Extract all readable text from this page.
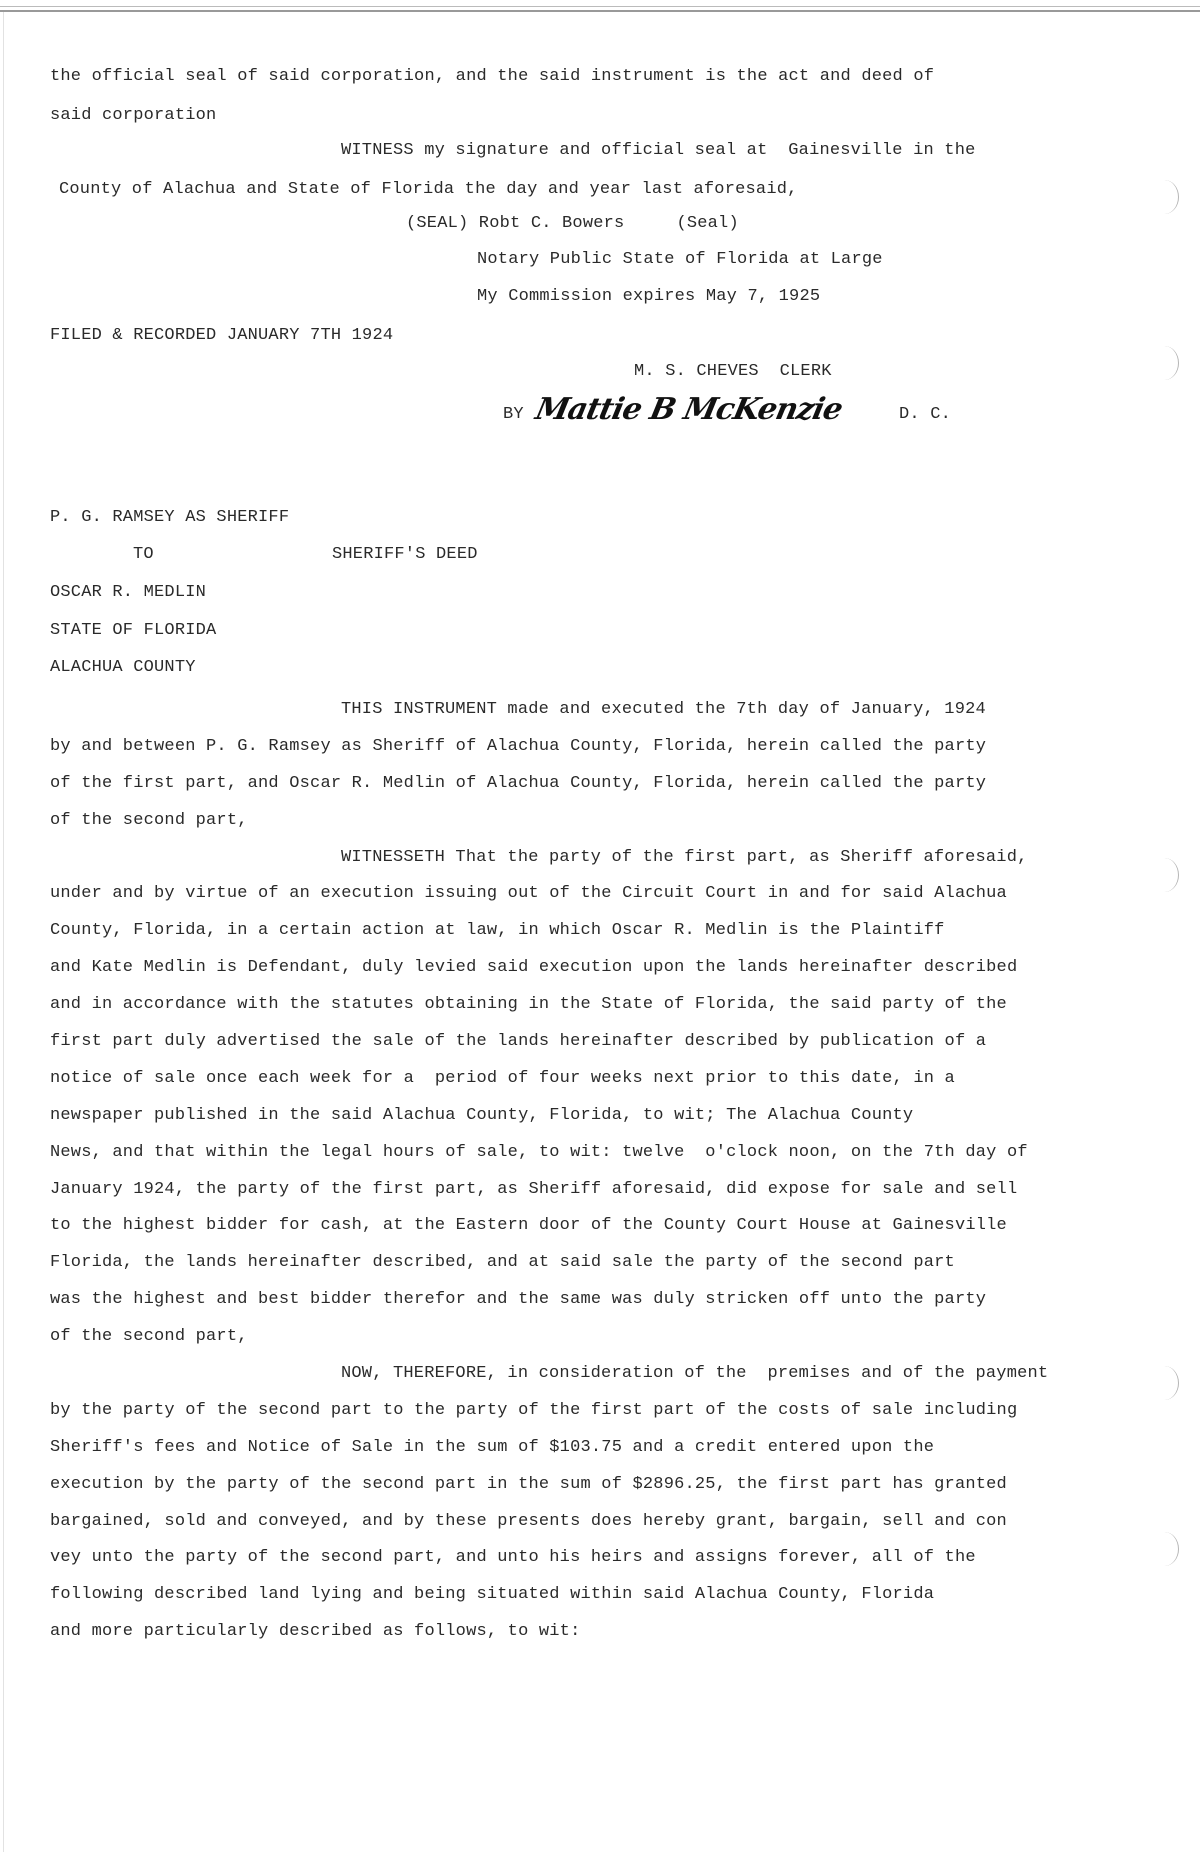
the official seal of said corporation, and the said instrument is the act and deed of
said corporation
WITNESS my signature and official seal at  Gainesville in the
County of Alachua and State of Florida the day and year last aforesaid,
(SEAL) Robt C. Bowers     (Seal)
Notary Public State of Florida at Large
My Commission expires May 7, 1925
FILED & RECORDED JANUARY 7TH 1924
M. S. CHEVES  CLERK
BY Mattie B McKenzie	D. C.
P. G. RAMSEY AS SHERIFF
TO	SHERIFF'S DEED
OSCAR R. MEDLIN
STATE OF FLORIDA
ALACHUA COUNTY
THIS INSTRUMENT made and executed the 7th day of January, 1924
by and between P. G. Ramsey as Sheriff of Alachua County, Florida, herein called the party
of the first part, and Oscar R. Medlin of Alachua County, Florida, herein called the party
of the second part,
WITNESSETH That the party of the first part, as Sheriff aforesaid,
under and by virtue of an execution issuing out of the Circuit Court in and for said Alachua
County, Florida, in a certain action at law, in which Oscar R. Medlin is the Plaintiff
and Kate Medlin is Defendant, duly levied said execution upon the lands hereinafter described
and in accordance with the statutes obtaining in the State of Florida, the said party of the
first part duly advertised the sale of the lands hereinafter described by publication of a
notice of sale once each week for a  period of four weeks next prior to this date, in a
newspaper published in the said Alachua County, Florida, to wit; The Alachua County
News, and that within the legal hours of sale, to wit: twelve  o'clock noon, on the 7th day of
January 1924, the party of the first part, as Sheriff aforesaid, did expose for sale and sell
to the highest bidder for cash, at the Eastern door of the County Court House at Gainesville
Florida, the lands hereinafter described, and at said sale the party of the second part
was the highest and best bidder therefor and the same was duly stricken off unto the party
of the second part,
NOW, THEREFORE, in consideration of the  premises and of the payment
by the party of the second part to the party of the first part of the costs of sale including
Sheriff's fees and Notice of Sale in the sum of $103.75 and a credit entered upon the
execution by the party of the second part in the sum of $2896.25, the first part has granted
bargained, sold and conveyed, and by these presents does hereby grant, bargain, sell and con
vey unto the party of the second part, and unto his heirs and assigns forever, all of the
following described land lying and being situated within said Alachua County, Florida
and more particularly described as follows, to wit:
